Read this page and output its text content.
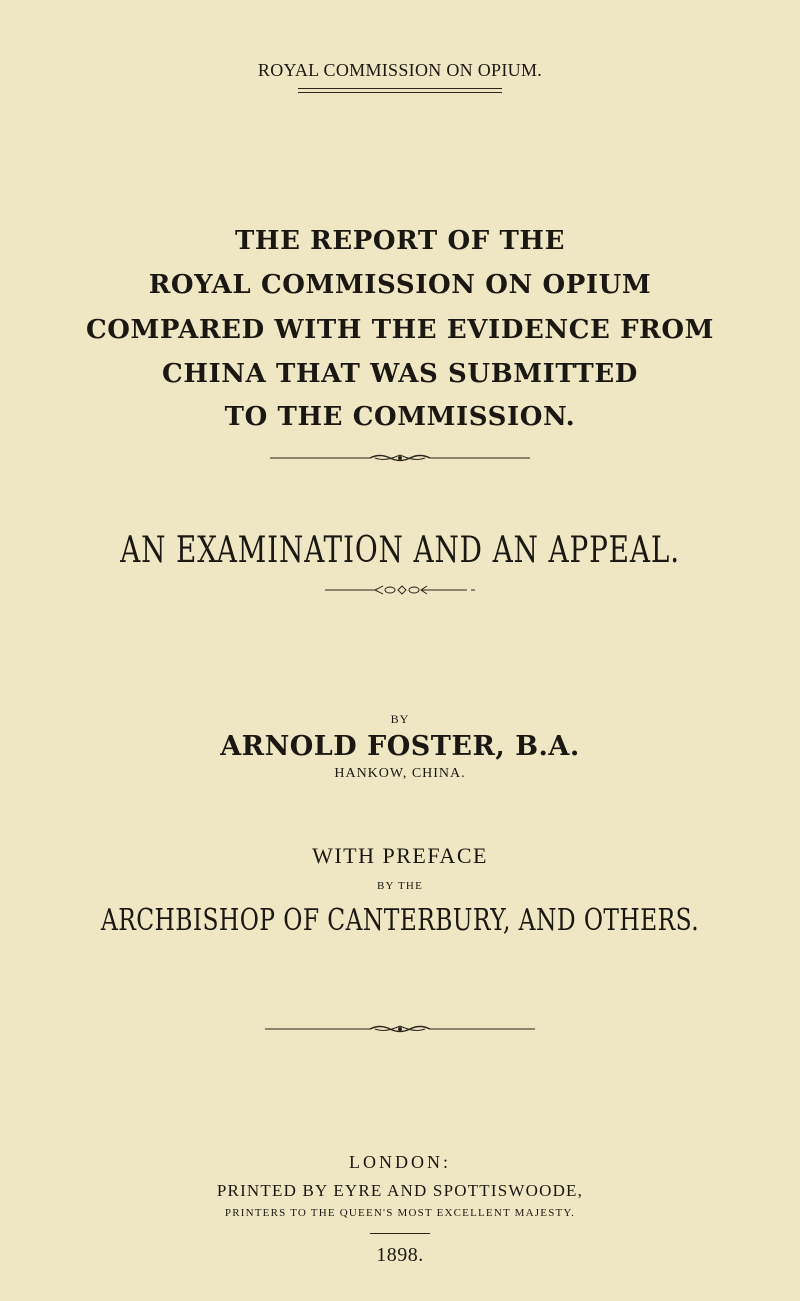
ROYAL COMMISSION ON OPIUM.
THE REPORT OF THE
ROYAL COMMISSION ON OPIUM
COMPARED WITH THE EVIDENCE FROM
CHINA THAT WAS SUBMITTED
TO THE COMMISSION.
AN EXAMINATION AND AN APPEAL.
BY
ARNOLD FOSTER, B.A.
HANKOW, CHINA.
WITH PREFACE
BY THE
ARCHBISHOP OF CANTERBURY, AND OTHERS.
LONDON:
PRINTED BY EYRE AND SPOTTISWOODE,
PRINTERS TO THE QUEEN'S MOST EXCELLENT MAJESTY.
1898.
